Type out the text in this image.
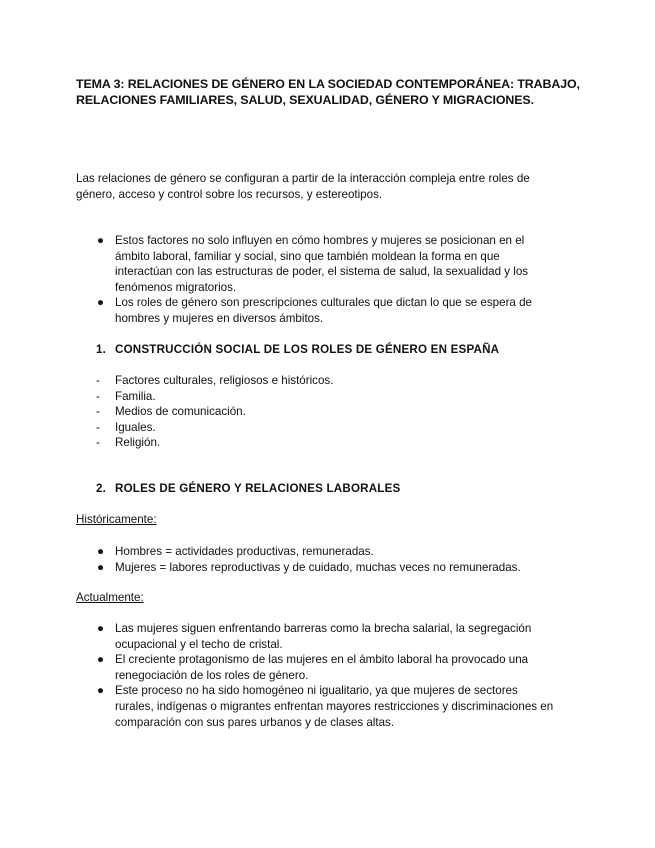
TEMA 3: RELACIONES DE GÉNERO EN LA SOCIEDAD CONTEMPORÁNEA: TRABAJO, RELACIONES FAMILIARES, SALUD, SEXUALIDAD, GÉNERO Y MIGRACIONES.
Las relaciones de género se configuran a partir de la interacción compleja entre roles de género, acceso y control sobre los recursos, y estereotipos.
● Estos factores no solo influyen en cómo hombres y mujeres se posicionan en el ámbito laboral, familiar y social, sino que también moldean la forma en que interactúan con las estructuras de poder, el sistema de salud, la sexualidad y los fenómenos migratorios.
● Los roles de género son prescripciones culturales que dictan lo que se espera de hombres y mujeres en diversos ámbitos.
1. CONSTRUCCIÓN SOCIAL DE LOS ROLES DE GÉNERO EN ESPAÑA
- Factores culturales, religiosos e históricos.
- Familia.
- Medios de comunicación.
- Iguales.
- Religión.
2. ROLES DE GÉNERO Y RELACIONES LABORALES
Históricamente:
● Hombres = actividades productivas, remuneradas.
● Mujeres = labores reproductivas y de cuidado, muchas veces no remuneradas.
Actualmente:
● Las mujeres siguen enfrentando barreras como la brecha salarial, la segregación ocupacional y el techo de cristal.
● El creciente protagonismo de las mujeres en el ámbito laboral ha provocado una renegociación de los roles de género.
● Este proceso no ha sido homogéneo ni igualitario, ya que mujeres de sectores rurales, indígenas o migrantes enfrentan mayores restricciones y discriminaciones en comparación con sus pares urbanos y de clases altas.
